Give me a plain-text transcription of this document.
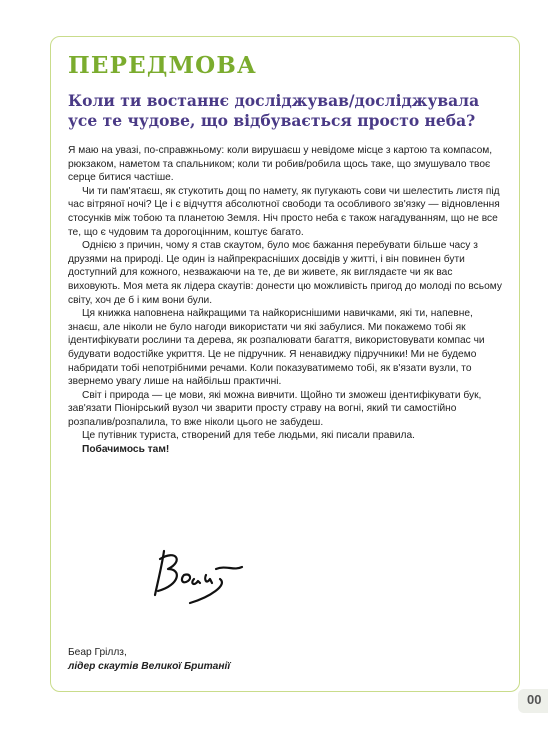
ПЕРЕДМОВА
Коли ти востаннє досліджував/досліджувала усе те чудове, що відбувається просто неба?

Я маю на увазі, по-справжньому: коли вирушаєш у невідоме місце з картою та компасом, рюкзаком, наметом та спальником; коли ти робив/робила щось таке, що змушувало твоє серце битися частіше.

Чи ти пам'ятаєш, як стукотить дощ по намету, як пугукають сови чи шелестить листя під час вітряної ночі? Це і є відчуття абсолютної свободи та особливого зв'язку — відновлення стосунків між тобою та планетою Земля. Ніч просто неба є також нагадуванням, що не все те, що є чудовим та дорогоцінним, коштує багато.

Однією з причин, чому я став скаутом, було моє бажання перебувати більше часу з друзями на природі. Це один із найпрекрасніших досвідів у житті, і він повинен бути доступний для кожного, незважаючи на те, де ви живете, як виглядаєте чи як вас виховують. Моя мета як лідера скаутів: донести цю можливість пригод до молоді по всьому світу, хоч де б і ким вони були.

Ця книжка наповнена найкращими та найкориснішими навичками, які ти, напевне, знаєш, але ніколи не було нагоди використати чи які забулися. Ми покажемо тобі як ідентифікувати рослини та дерева, як розпалювати багаття, використовувати компас чи будувати водостійке укриття. Це не підручник. Я ненавиджу підручники! Ми не будемо набридати тобі непотрібними речами. Коли показуватимемо тобі, як в'язати вузли, то звернемо увагу лише на найбільш практичні.

Світ і природа — це мови, які можна вивчити. Щойно ти зможеш ідентифікувати бук, зав'язати Піонірський вузол чи зварити просту страву на вогні, який ти самостійно розпалив/розпалила, то вже ніколи цього не забудеш.

Це путівник туриста, створений для тебе людьми, які писали правила.

Побачимось там!

Беар Гріллз,
лідер скаутів Великої Британії
00
